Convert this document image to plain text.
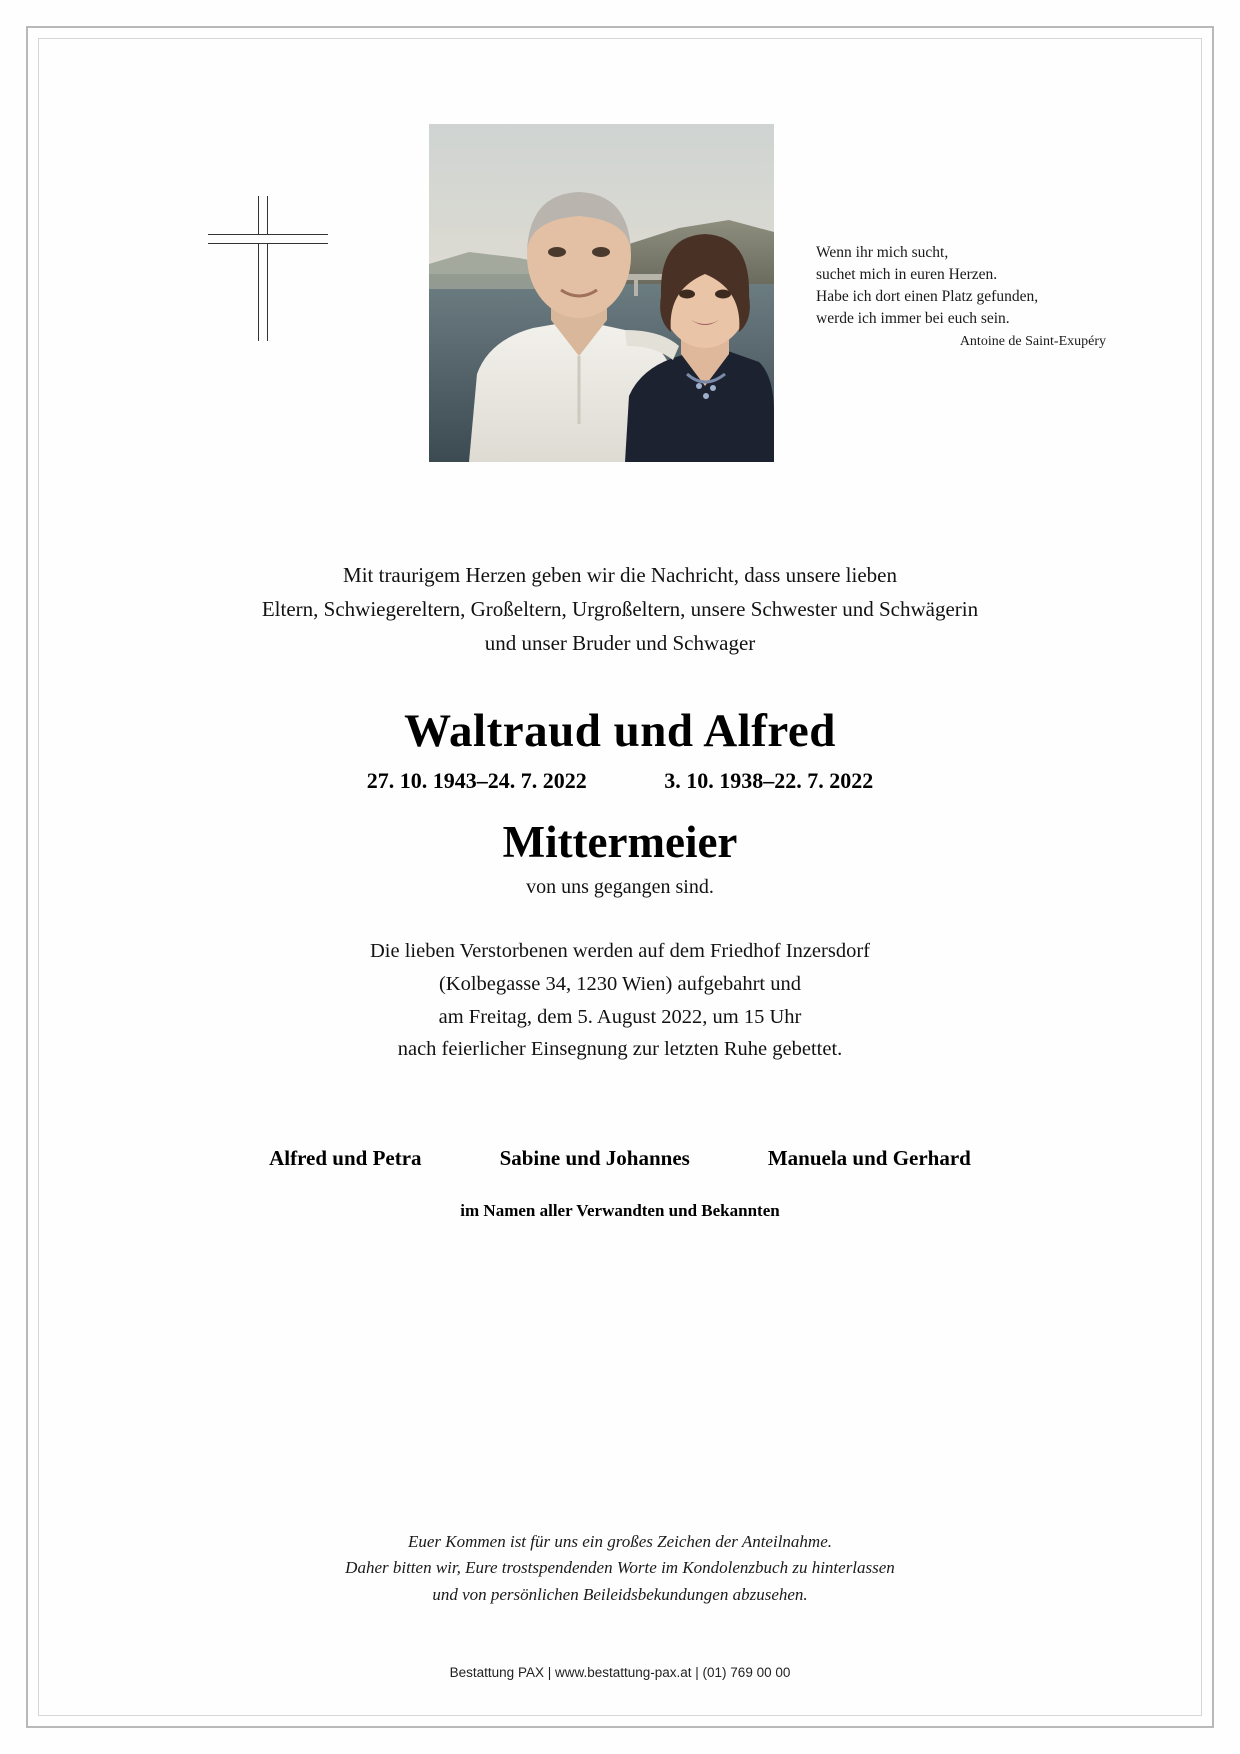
Wenn ihr mich sucht,
suchet mich in euren Herzen.
Habe ich dort einen Platz gefunden,
werde ich immer bei euch sein.
Antoine de Saint-Exupéry
Mit traurigem Herzen geben wir die Nachricht, dass unsere lieben
Eltern, Schwiegereltern, Großeltern, Urgroßeltern, unsere Schwester und Schwägerin
und unser Bruder und Schwager
Waltraud und Alfred
27. 10. 1943–24. 7. 2022	3. 10. 1938–22. 7. 2022
Mittermeier
von uns gegangen sind.
Die lieben Verstorbenen werden auf dem Friedhof Inzersdorf
(Kolbegasse 34, 1230 Wien) aufgebahrt und
am Freitag, dem 5. August 2022, um 15 Uhr
nach feierlicher Einsegnung zur letzten Ruhe gebettet.
Alfred und Petra	Sabine und Johannes	Manuela und Gerhard
im Namen aller Verwandten und Bekannten
Euer Kommen ist für uns ein großes Zeichen der Anteilnahme.
Daher bitten wir, Eure trostspendenden Worte im Kondolenzbuch zu hinterlassen
und von persönlichen Beileidsbekundungen abzusehen.
Bestattung PAX | www.bestattung-pax.at | (01) 769 00 00
